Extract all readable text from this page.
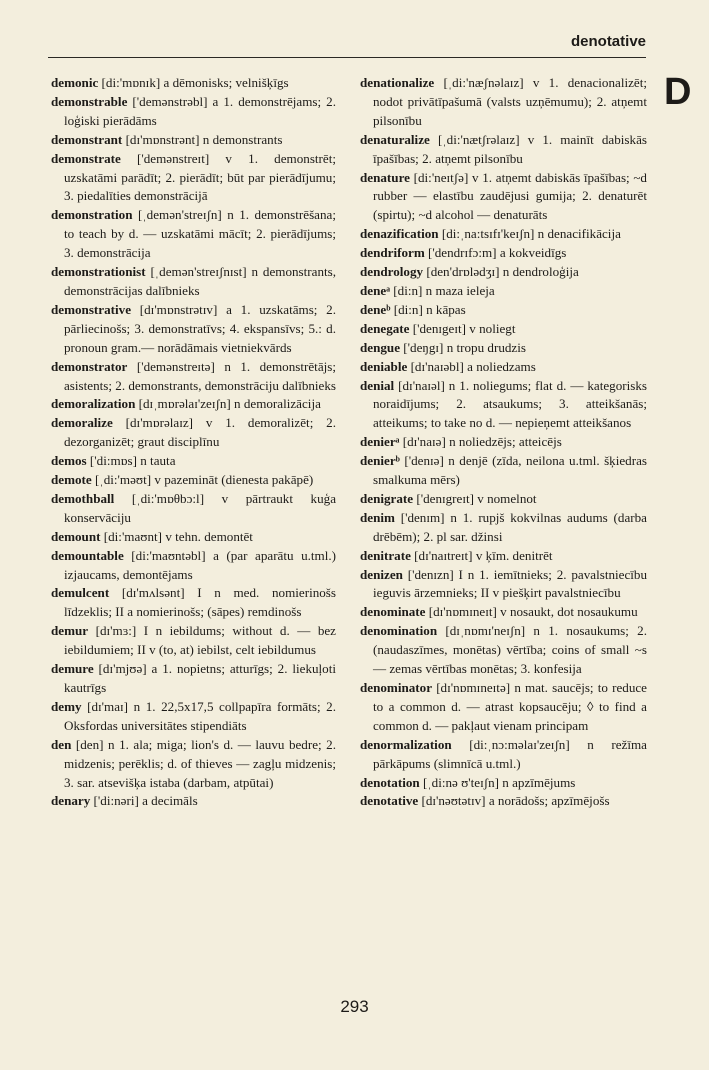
denotative
D

demonic [di:'mɒnɪk] a dēmonisks; velnišķīgs

demonstrable ['demənstrəbl] a 1. demonstrējams; 2. loģiski pierādāms

demonstrant [dɪ'mɒnstrənt] n demonstrants

demonstrate ['demənstreɪt] v 1. demonstrēt; uzskatāmi parādīt; 2. pierādīt; būt par pierādījumu; 3. piedalīties demonstrācijā

demonstration [ˌdemən'streɪʃn] n 1. demonstrēšana; to teach by d. — uzskatāmi mācīt; 2. pierādījums; 3. demonstrācija

demonstrationist [ˌdemən'streɪʃnɪst] n demonstrants, demonstrācijas dalībnieks

demonstrative [dɪ'mɒnstrətɪv] a 1. uzskatāms; 2. pārliecinošs; 3. demonstratīvs; 4. ekspansīvs; 5.: d. pronoun gram.— norādāmais vietniekvārds

demonstrator ['demənstreɪtə] n 1. demonstrētājs; asistents; 2. demonstrants, demonstrāciju dalībnieks

demoralization [dɪˌmɒrəlaɪ'zeɪʃn] n demoralizācija

demoralize [dɪ'mɒrəlaɪz] v 1. demoralizēt; 2. dezorganizēt; graut disciplīnu

demos ['di:mɒs] n tauta

demote [ˌdi:'məʊt] v pazemināt (dienesta pakāpē)

demothball [ˌdi:'mɒθbɔ:l] v pārtraukt kuģa konservāciju

demount [di:'maʊnt] v tehn. demontēt

demountable [di:'maʊntəbl] a (par aparātu u.tml.) izjaucams, demontējams

demulcent [dɪ'mʌlsənt] I n med. nomierinošs līdzeklis; II a nomierinošs; (sāpes) remdinošs

demur [dɪ'mɜ:] I n iebildums; without d. — bez iebildumiem; II v (to, at) iebilst, celt iebildumus

demure [dɪ'mjʊə] a 1. nopietns; atturīgs; 2. liekuļoti kautrīgs

demy [dɪ'maɪ] n 1. 22,5x17,5 collpapīra formāts; 2. Oksfordas universitātes stipendiāts

den [den] n 1. ala; miga; lion's d. — lauvu bedre; 2. midzenis; perēklis; d. of thieves — zagļu midzenis; 3. sar. atsevišķa istaba (darbam, atpūtai)

denary ['di:nəri] a decimāls

denationalize [ˌdi:'næʃnəlaɪz] v 1. denacionalizēt; nodot privātīpašumā (valsts uzņēmumu); 2. atņemt pilsonību

denaturalize [ˌdi:'nætʃrəlaɪz] v 1. mainīt dabiskās īpašības; 2. atņemt pilsonību

denature [di:'neɪtʃə] v 1. atņemt dabiskās īpašības; ~d rubber — elastību zaudējusi gumija; 2. denaturēt (spirtu); ~d alcohol — denaturāts

denazification [di:ˌna:tsɪfɪ'keɪʃn] n denacifikācija

dendriform ['dendrɪfɔ:m] a kokveidīgs

dendrology [den'drɒlədʒɪ] n dendroloģija

deneᵃ [di:n] n maza ieleja

deneᵇ [di:n] n kāpas

denegate ['denɪgeɪt] v noliegt

dengue ['deŋgɪ] n tropu drudzis

deniable [dɪ'naɪəbl] a noliedzams

denial [dɪ'naɪəl] n 1. noliegums; flat d. — kategorisks noraidījums; 2. atsaukums; 3. atteikšanās; atteikums; to take no d. — nepieņemt atteikšanos

denierᵃ [dɪ'naɪə] n noliedzējs; atteicējs

denierᵇ ['denɪə] n denjē (zīda, neilona u.tml. šķiedras smalkuma mērs)

denigrate ['denɪgreɪt] v nomelnot

denim ['denɪm] n 1. rupjš kokvilnas audums (darba drēbēm); 2. pl sar. džinsi

denitrate [dɪ'naɪtreɪt] v ķīm. denitrēt

denizen ['denɪzn] I n 1. iemītnieks; 2. pavalstniecību ieguvis ārzemnieks; II v piešķirt pavalstniecību

denominate [dɪ'nɒmɪneɪt] v nosaukt, dot nosaukumu

denomination [dɪˌnɒmɪ'neɪʃn] n 1. nosaukums; 2. (naudaszīmes, monētas) vērtība; coins of small ~s — zemas vērtības monētas; 3. konfesija

denominator [dɪ'nɒmɪneɪtə] n mat. saucējs; to reduce to a common d. — atrast kopsaucēju; ◊ to find a common d. — pakļaut vienam principam

denormalization [di:ˌnɔ:məlaɪ'zeɪʃn] n režīma pārkāpums (slimnīcā u.tml.)

denotation [ˌdi:nə ʊ'teɪʃn] n apzīmējums

denotative [dɪ'nəʊtətɪv] a norādošs; apzīmējošs

293
